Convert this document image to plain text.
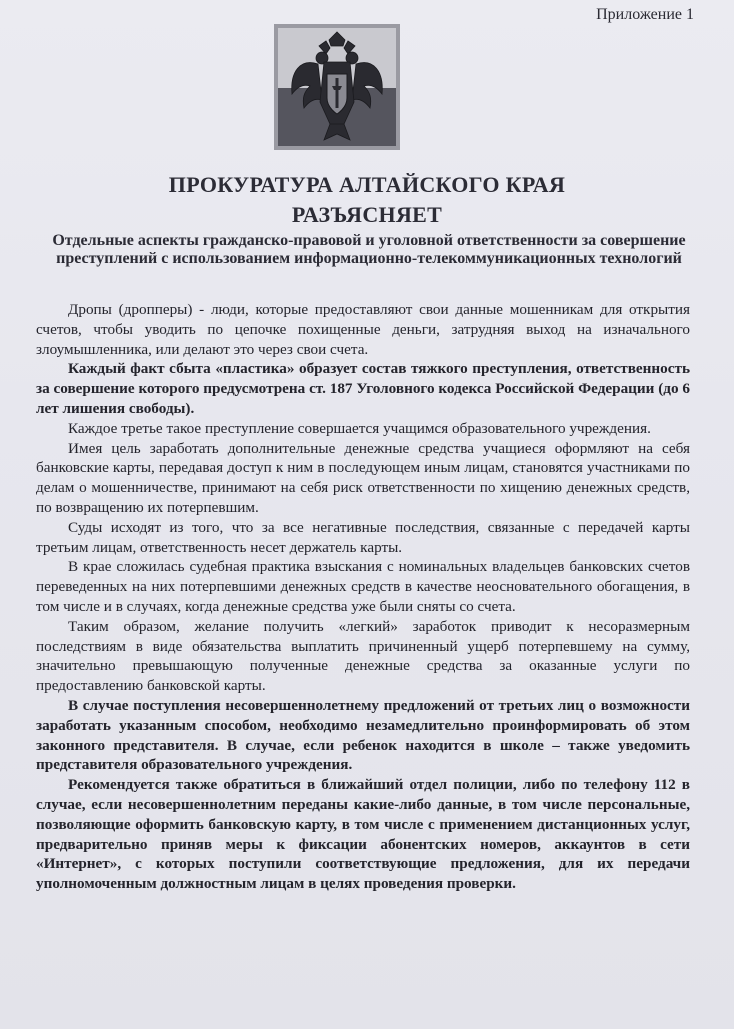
Приложение 1
ПРОКУРАТУРА АЛТАЙСКОГО КРАЯ
РАЗЪЯСНЯЕТ
Отдельные аспекты гражданско-правовой и уголовной ответственности за совершение преступлений с использованием информационно-телекоммуникационных технологий

Дропы (дропперы) - люди, которые предоставляют свои данные мошенникам для открытия счетов, чтобы уводить по цепочке похищенные деньги, затрудняя выход на изначального злоумышленника, или делают это через свои счета.

Каждый факт сбыта «пластика» образует состав тяжкого преступления, ответственность за совершение которого предусмотрена ст. 187 Уголовного кодекса Российской Федерации (до 6 лет лишения свободы).

Каждое третье такое преступление совершается учащимся образовательного учреждения.

Имея цель заработать дополнительные денежные средства учащиеся оформляют на себя банковские карты, передавая доступ к ним в последующем иным лицам, становятся участниками по делам о мошенничестве, принимают на себя риск ответственности по хищению денежных средств, по возвращению их потерпевшим.

Суды исходят из того, что за все негативные последствия, связанные с передачей карты третьим лицам, ответственность несет держатель карты.

В крае сложилась судебная практика взыскания с номинальных владельцев банковских счетов переведенных на них потерпевшими денежных средств в качестве неосновательного обогащения, в том числе и в случаях, когда денежные средства уже были сняты со счета.

Таким образом, желание получить «легкий» заработок приводит к несоразмерным последствиям в виде обязательства выплатить причиненный ущерб потерпевшему на сумму, значительно превышающую полученные денежные средства за оказанные услуги по предоставлению банковской карты.

В случае поступления несовершеннолетнему предложений от третьих лиц о возможности заработать указанным способом, необходимо незамедлительно проинформировать об этом законного представителя. В случае, если ребенок находится в школе – также уведомить представителя образовательного учреждения.

Рекомендуется также обратиться в ближайший отдел полиции, либо по телефону 112 в случае, если несовершеннолетним переданы какие-либо данные, в том числе персональные, позволяющие оформить банковскую карту, в том числе с применением дистанционных услуг, предварительно приняв меры к фиксации абонентских номеров, аккаунтов в сети «Интернет», с которых поступили соответствующие предложения, для их передачи уполномоченным должностным лицам в целях проведения проверки.
